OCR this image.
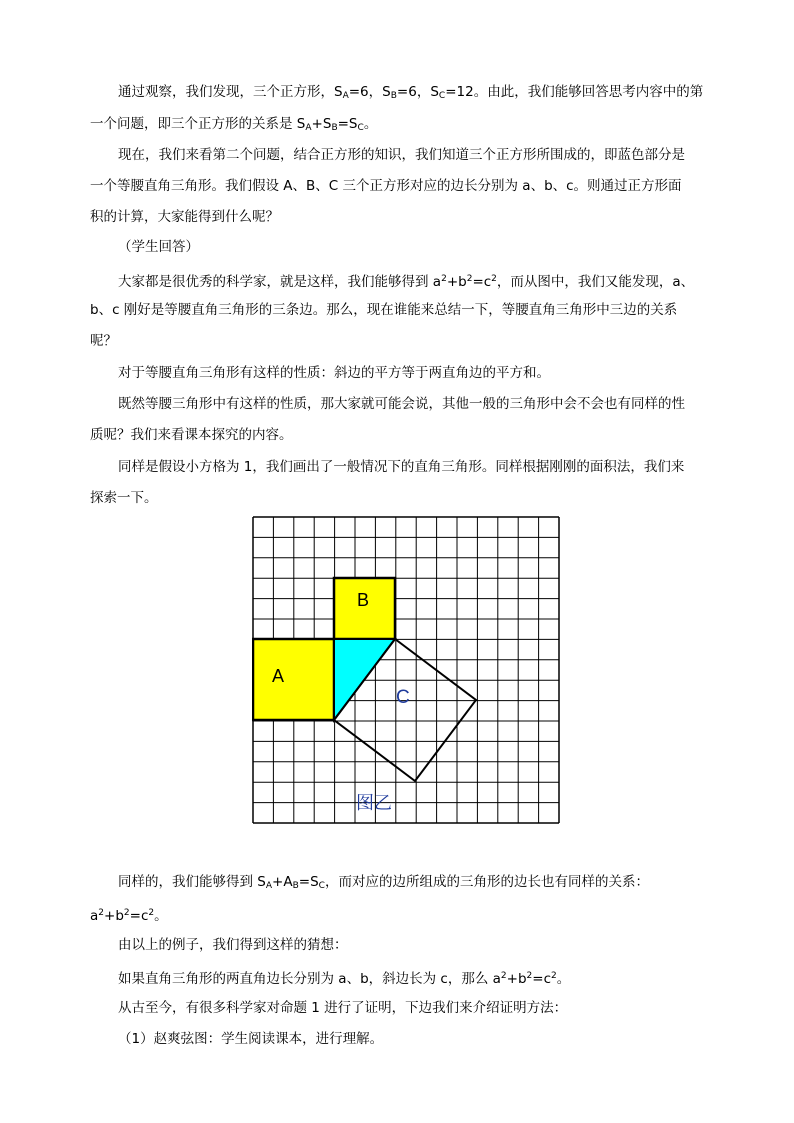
通过观察，我们发现，三个正方形，$S_A=6$，$S_B=6$，$S_C=12$。由此，我们能够回答思考内容中的第
一个问题，即三个正方形的关系是 $S_A+S_B=S_C$。
现在，我们来看第二个问题，结合正方形的知识，我们知道三个正方形所围成的，即蓝色部分是
一个等腰直角三角形。我们假设 A、B、C 三个正方形对应的边长分别为 a、b、c。则通过正方形面
积的计算，大家能得到什么呢？
（学生回答）
大家都是很优秀的科学家，就是这样，我们能够得到 $a^2+b^2=c^2$，而从图中，我们又能发现，a、
b、c 刚好是等腰直角三角形的三条边。那么，现在谁能来总结一下，等腰直角三角形中三边的关系
呢？
对于等腰直角三角形有这样的性质：斜边的平方等于两直角边的平方和。
既然等腰三角形中有这样的性质，那大家就可能会说，其他一般的三角形中会不会也有同样的性
质呢？我们来看课本探究的内容。
同样是假设小方格为 1，我们画出了一般情况下的直角三角形。同样根据刚刚的面积法，我们来
探索一下。
A
B
C
图乙
同样的，我们能够得到 $S_A+A_B=S_C$，而对应的边所组成的三角形的边长也有同样的关系：
$a^2+b^2=c^2$。
由以上的例子，我们得到这样的猜想：
如果直角三角形的两直角边长分别为 a、b，斜边长为 c，那么 $a^2+b^2=c^2$。
从古至今，有很多科学家对命题 1 进行了证明，下边我们来介绍证明方法：
（1）赵爽弦图：学生阅读课本，进行理解。
